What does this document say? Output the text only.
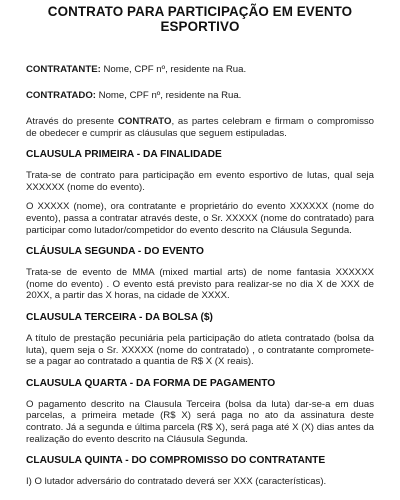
CONTRATO PARA PARTICIPAÇÃO EM EVENTO ESPORTIVO
CONTRATANTE: Nome, CPF nº, residente na Rua.
CONTRATADO: Nome, CPF nº, residente na Rua.
Através do presente CONTRATO, as partes celebram e firmam o compromisso de obedecer e cumprir as cláusulas que seguem estipuladas.
CLAUSULA PRIMEIRA - DA FINALIDADE
Trata-se de contrato para participação em evento esportivo de lutas, qual seja XXXXXX (nome do evento).
O XXXXX (nome), ora contratante e proprietário do evento XXXXXX (nome do evento), passa a contratar através deste, o Sr. XXXXX (nome do contratado) para participar como lutador/competidor do evento descrito na Cláusula Segunda.
CLÁUSULA SEGUNDA - DO EVENTO
Trata-se de evento de MMA (mixed martial arts) de nome fantasia XXXXXX (nome do evento) . O evento está previsto para realizar-se no dia X de XXX de 20XX, a partir das X horas, na cidade de XXXX.
CLAUSULA TERCEIRA - DA BOLSA ($)
A título de prestação pecuniária pela participação do atleta contratado (bolsa da luta), quem seja o Sr. XXXXX (nome do contratado) , o contratante compromete-se a pagar ao contratado a quantia de R$ X (X reais).
CLAUSULA QUARTA - DA FORMA DE PAGAMENTO
O pagamento descrito na Clausula Terceira (bolsa da luta) dar-se-a em duas parcelas, a primeira metade (R$ X) será paga no ato da assinatura deste contrato. Já a segunda e última parcela (R$ X), será paga até X (X) dias antes da realização do evento descrito na Cláusula Segunda.
CLAUSULA QUINTA - DO COMPROMISSO DO CONTRATANTE
I) O lutador adversário do contratado deverá ser XXX (características).
